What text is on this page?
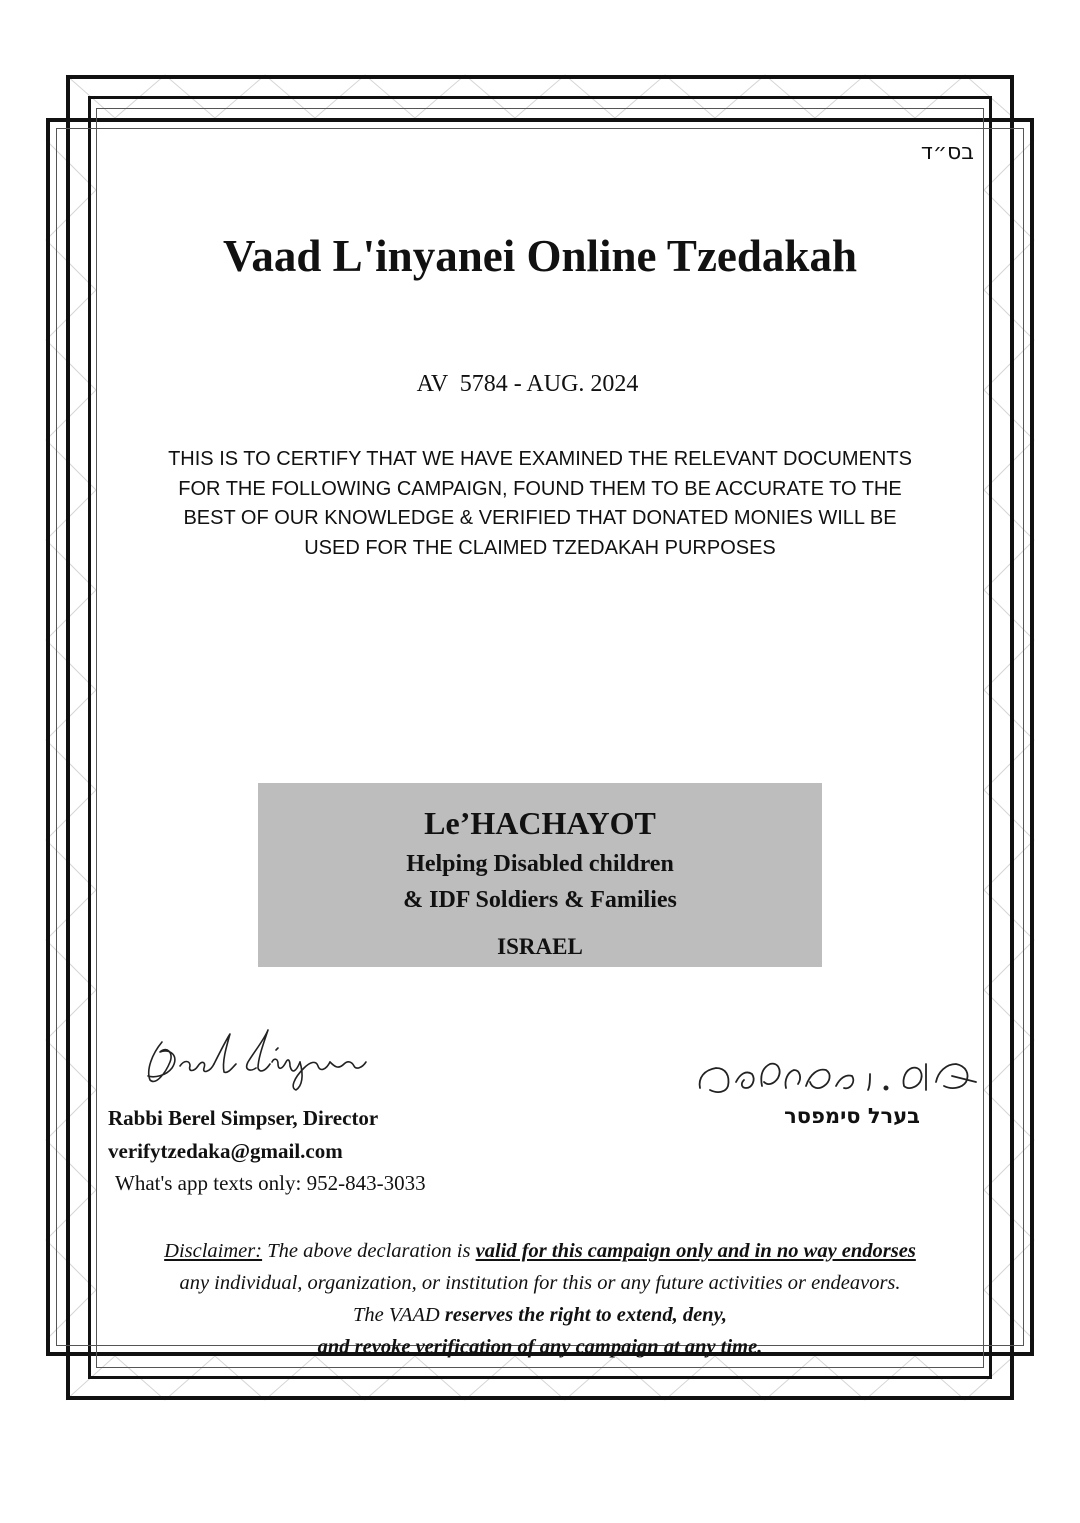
בס״ד
Vaad L'inyanei Online Tzedakah
AV  5784 - AUG. 2024
THIS IS TO CERTIFY THAT WE HAVE EXAMINED THE RELEVANT DOCUMENTS
FOR THE FOLLOWING CAMPAIGN, FOUND THEM TO BE ACCURATE TO THE
BEST OF OUR KNOWLEDGE & VERIFIED THAT DONATED MONIES WILL BE
USED FOR THE CLAIMED TZEDAKAH PURPOSES
Le’HACHAYOT
Helping Disabled children
& IDF Soldiers & Families
ISRAEL
Rabbi Berel Simpser, Director
verifytzedaka@gmail.com
What's app texts only: 952-843-3033
בערל סימפסר
Disclaimer: The above declaration is valid for this campaign only and in no way endorses
any individual, organization, or institution for this or any future activities or endeavors.
The VAAD reserves the right to extend, deny,
and revoke verification of any campaign at any time.
